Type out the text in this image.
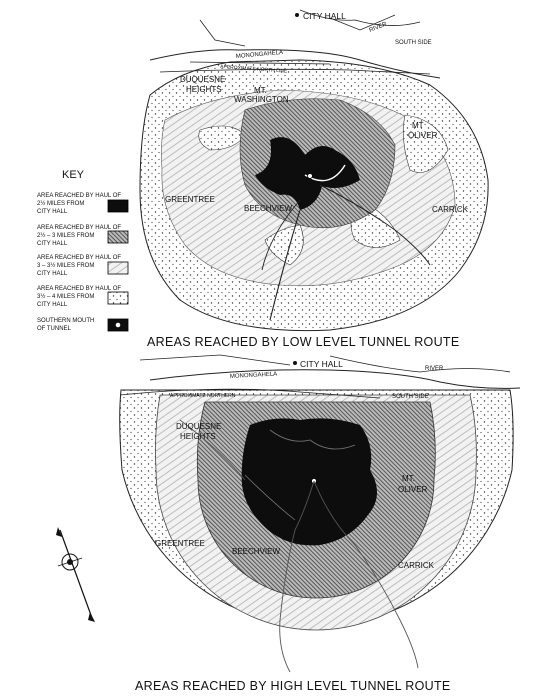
CITY HALL
RIVER
MONONGAHELA
SOUTH SIDE
APPROXIMATE NORTH LINE
DUQUESNE
HEIGHTS	MT.
WASHINGTON
MT
OLIVER
GREENTREE
BEECHVIEW	CARRICK
AREAS REACHED BY LOW LEVEL TUNNEL ROUTE
KEY
AREA REACHED BY HAUL OF
2½ MILES FROM
CITY HALL
AREA REACHED BY HAUL OF
2½ – 3 MILES FROM
CITY HALL
AREA REACHED BY HAUL OF
3 – 3½ MILES FROM
CITY HALL
AREA REACHED BY HAUL OF
3½ – 4 MILES FROM
CITY HALL
SOUTHERN MOUTH
OF TUNNEL
CITY HALL	RIVER
MONONGAHELA
SOUTH SIDE
APPROXIMATE NORTHERN
DUQUESNE
HEIGHTS
MT.
OLIVER
GREENTREE
BEECHVIEW
CARRICK
AREAS REACHED BY HIGH LEVEL TUNNEL ROUTE
